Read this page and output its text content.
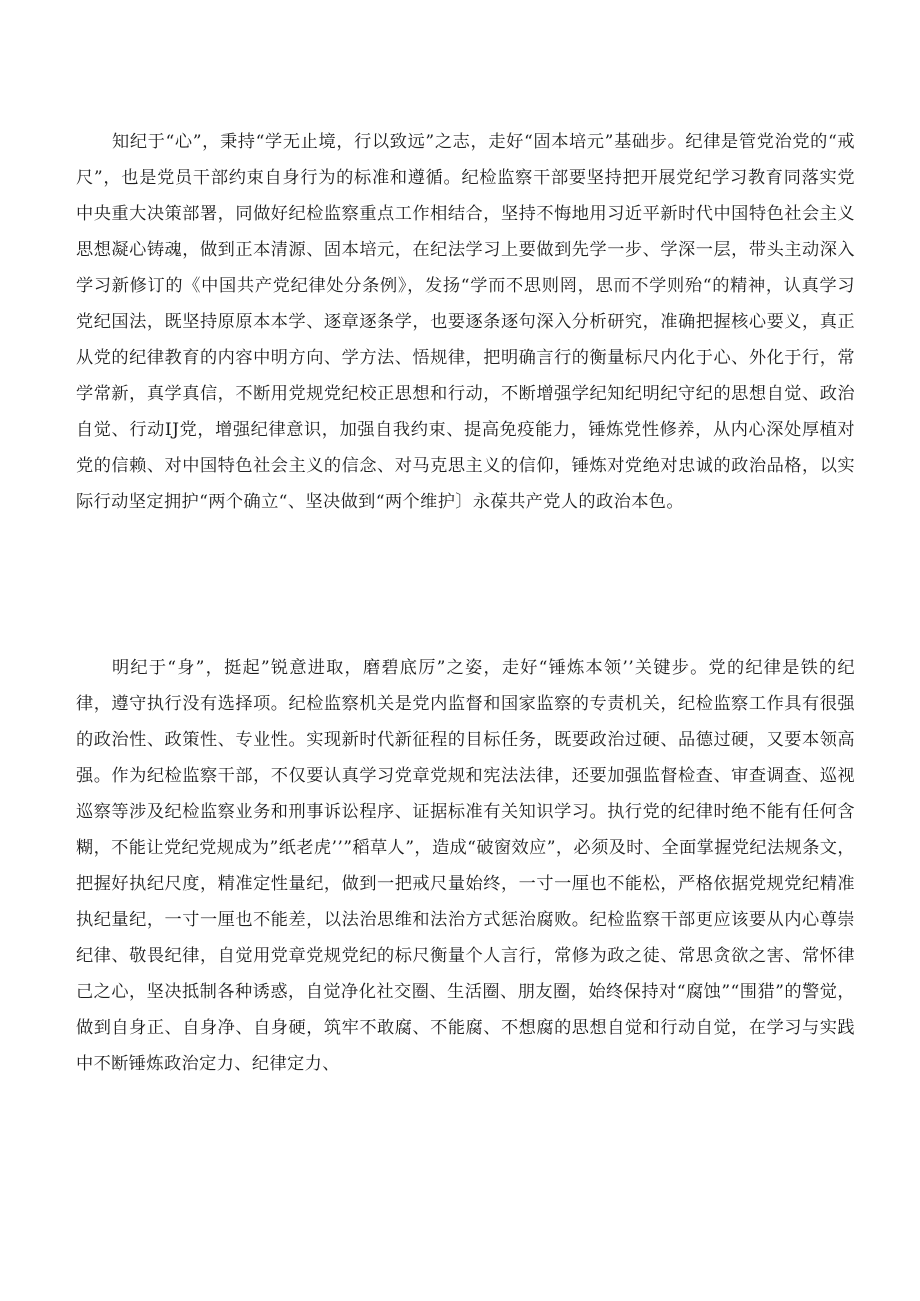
知纪于“心”，秉持“学无止境，行以致远”之志，走好“固本培元”基础步。纪律是管党治党的“戒尺”，也是党员干部约束自身行为的标准和遵循。纪检监察干部要坚持把开展党纪学习教育同落实党中央重大决策部署，同做好纪检监察重点工作相结合，坚持不悔地用习近平新时代中国特色社会主义思想凝心铸魂，做到正本清源、固本培元，在纪法学习上要做到先学一步、学深一层，带头主动深入学习新修订的《中国共产党纪律处分条例》，发扬“学而不思则罔，思而不学则殆“的精神，认真学习党纪国法，既坚持原原本本学、逐章逐条学，也要逐条逐句深入分析研究，准确把握核心要义，真正从党的纪律教育的内容中明方向、学方法、悟规律，把明确言行的衡量标尺内化于心、外化于行，常学常新，真学真信，不断用党规党纪校正思想和行动，不断增强学纪知纪明纪守纪的思想自觉、政治自觉、行动IJ党，增强纪律意识，加强自我约束、提高免疫能力，锤炼党性修养，从内心深处厚植对党的信赖、对中国特色社会主义的信念、对马克思主义的信仰，锤炼对党绝对忠诚的政治品格，以实际行动坚定拥护“两个确立“、坚决做到“两个维护〕永葆共产党人的政治本色。

明纪于“身”，挺起”锐意进取，磨碧底厉”之姿，走好“锤炼本领’’关键步。党的纪律是铁的纪律，遵守执行没有选择项。纪检监察机关是党内监督和国家监察的专责机关，纪检监察工作具有很强的政治性、政策性、专业性。实现新时代新征程的目标任务，既要政治过硬、品德过硬，又要本领高强。作为纪检监察干部，不仅要认真学习党章党规和宪法法律，还要加强监督检查、审查调查、巡视巡察等涉及纪检监察业务和刑事诉讼程序、证据标准有关知识学习。执行党的纪律时绝不能有任何含糊，不能让党纪党规成为”纸老虎’’”稻草人”，造成“破窗效应”，必须及时、全面掌握党纪法规条文，把握好执纪尺度，精准定性量纪，做到一把戒尺量始终，一寸一厘也不能松，严格依据党规党纪精准执纪量纪，一寸一厘也不能差，以法治思维和法治方式惩治腐败。纪检监察干部更应该要从内心尊崇纪律、敬畏纪律，自觉用党章党规党纪的标尺衡量个人言行，常修为政之徒、常思贪欲之害、常怀律己之心，坚决抵制各种诱惑，自觉净化社交圈、生活圈、朋友圈，始终保持对“腐蚀”“围猎”的警觉，做到自身正、自身净、自身硬，筑牢不敢腐、不能腐、不想腐的思想自觉和行动自觉，在学习与实践中不断锤炼政治定力、纪律定力、
